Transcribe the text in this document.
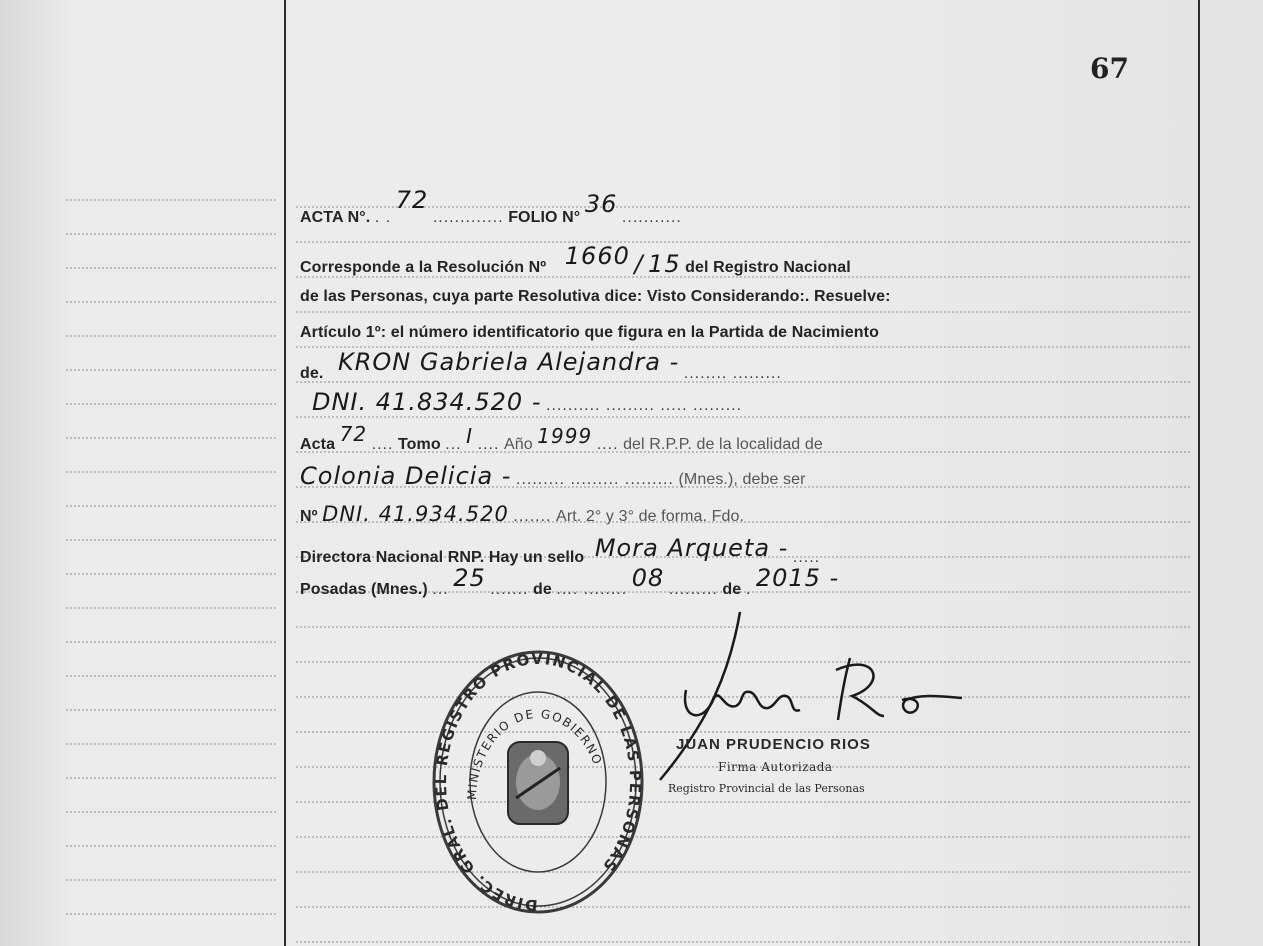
67
ACTA N°. . . 72 ............. FOLIO N° 36 ...........
Corresponde a la Resolución Nº 1660 / 15 del Registro Nacional
de las Personas, cuya parte Resolutiva dice: Visto Considerando:. Resuelve:
Artículo 1º: el número identificatorio que figura en la Partida de Nacimiento
de. KRON Gabriela Alejandra - ........ .........
DNI. 41.834.520 - .......... ......... ..... .........
Acta 72 .... Tomo ... I .... Año 1999 .... del R.P.P. de la localidad de
Colonia Delicia - ......... ......... ......... (Mnes.), debe ser
Nº DNI. 41.934.520 ....... Art. 2° y 3° de forma. Fdo.
Directora Nacional RNP. Hay un sello Mora Arqueta - .....
Posadas (Mnes.) ... 25 ....... de .... ........ 08 ......... de . 2015 -
DIREC. GRAL. DEL REGISTRO PROVINCIAL DE LAS PERSONAS
MINISTERIO DE GOBIERNO
JUAN PRUDENCIO RIOS
Firma Autorizada
Registro Provincial de las Personas
